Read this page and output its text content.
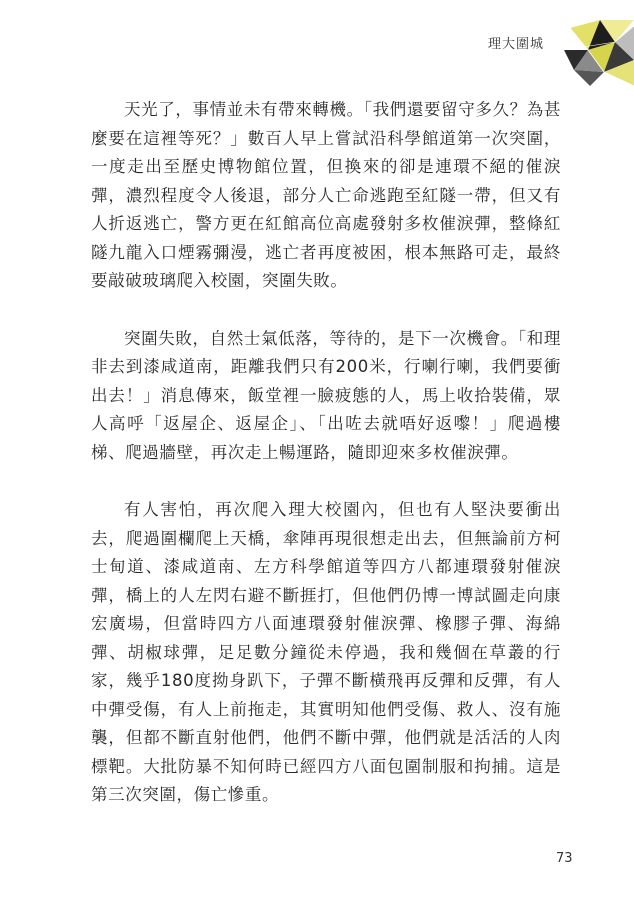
理大圍城

天光了，事情並未有帶來轉機。「我們還要留守多久？為甚麼要在這裡等死？」數百人早上嘗試沿科學館道第一次突圍，一度走出至歷史博物館位置，但換來的卻是連環不絕的催淚彈，濃烈程度令人後退，部分人亡命逃跑至紅隧一帶，但又有人折返逃亡，警方更在紅館高位高處發射多枚催淚彈，整條紅隧九龍入口煙霧彌漫，逃亡者再度被困，根本無路可走，最終要敲破玻璃爬入校園，突圍失敗。

突圍失敗，自然士氣低落，等待的，是下一次機會。「和理非去到漆咸道南，距離我們只有200米，行喇行喇，我們要衝出去！」消息傳來，飯堂裡一臉疲態的人，馬上收拾裝備，眾人高呼「返屋企、返屋企」、「出咗去就唔好返嚟！」爬過樓梯、爬過牆壁，再次走上暢運路，隨即迎來多枚催淚彈。

有人害怕，再次爬入理大校園內，但也有人堅決要衝出去，爬過圍欄爬上天橋，傘陣再現很想走出去，但無論前方柯士甸道、漆咸道南、左方科學館道等四方八都連環發射催淚彈，橋上的人左閃右避不斷捱打，但他們仍博一博試圖走向康宏廣場，但當時四方八面連環發射催淚彈、橡膠子彈、海綿彈、胡椒球彈，足足數分鐘從未停過，我和幾個在草叢的行家，幾乎180度拗身趴下，子彈不斷橫飛再反彈和反彈，有人中彈受傷，有人上前拖走，其實明知他們受傷、救人、沒有施襲，但都不斷直射他們，他們不斷中彈，他們就是活活的人肉標靶。大批防暴不知何時已經四方八面包圍制服和拘捕。這是第三次突圍，傷亡慘重。

73
